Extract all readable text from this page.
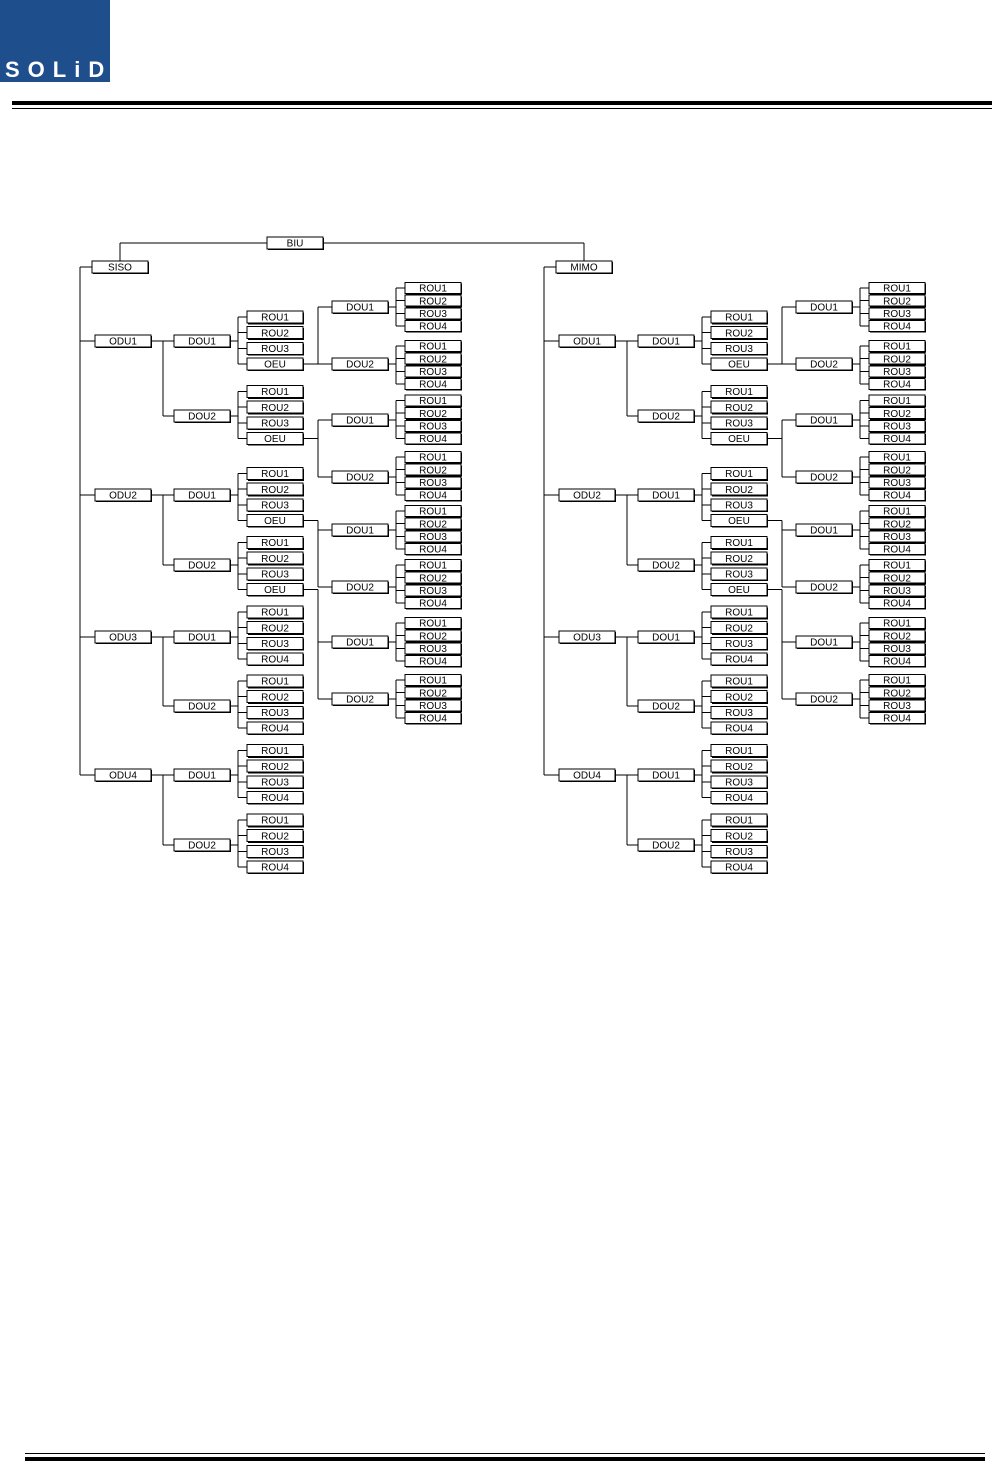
SOLiD
BIU
SISO
ODU1	DOU1
ROU1
ROU2
ROU3
OEU
DOU1
ROU1
ROU2
ROU3
ROU4
DOU2
ROU1
ROU2
ROU3
ROU4
DOU2
ROU1
ROU2
ROU3
OEU
DOU1
ROU1
ROU2
ROU3
ROU4
DOU2
ROU1
ROU2
ROU3
ROU4
ODU2	DOU1
ROU1
ROU2
ROU3
OEU
DOU1
ROU1
ROU2
ROU3
ROU4
DOU2
ROU1
ROU2
ROU3
ROU4
DOU2
ROU1
ROU2
ROU3
OEU
DOU1
ROU1
ROU2
ROU3
ROU4
DOU2
ROU1
ROU2
ROU3
ROU4
ODU3	DOU1
ROU1
ROU2
ROU3
ROU4
DOU2
ROU1
ROU2
ROU3
ROU4
ODU4	DOU1
ROU1
ROU2
ROU3
ROU4
DOU2
ROU1
ROU2
ROU3
ROU4
MIMO
ODU1	DOU1
ROU1
ROU2
ROU3
OEU
DOU1
ROU1
ROU2
ROU3
ROU4
DOU2
ROU1
ROU2
ROU3
ROU4
DOU2
ROU1
ROU2
ROU3
OEU
DOU1
ROU1
ROU2
ROU3
ROU4
DOU2
ROU1
ROU2
ROU3
ROU4
ODU2	DOU1
ROU1
ROU2
ROU3
OEU
DOU1
ROU1
ROU2
ROU3
ROU4
DOU2
ROU1
ROU2
ROU3
ROU4
DOU2
ROU1
ROU2
ROU3
OEU
DOU1
ROU1
ROU2
ROU3
ROU4
DOU2
ROU1
ROU2
ROU3
ROU4
ODU3	DOU1
ROU1
ROU2
ROU3
ROU4
DOU2
ROU1
ROU2
ROU3
ROU4
ODU4	DOU1
ROU1
ROU2
ROU3
ROU4
DOU2
ROU1
ROU2
ROU3
ROU4
